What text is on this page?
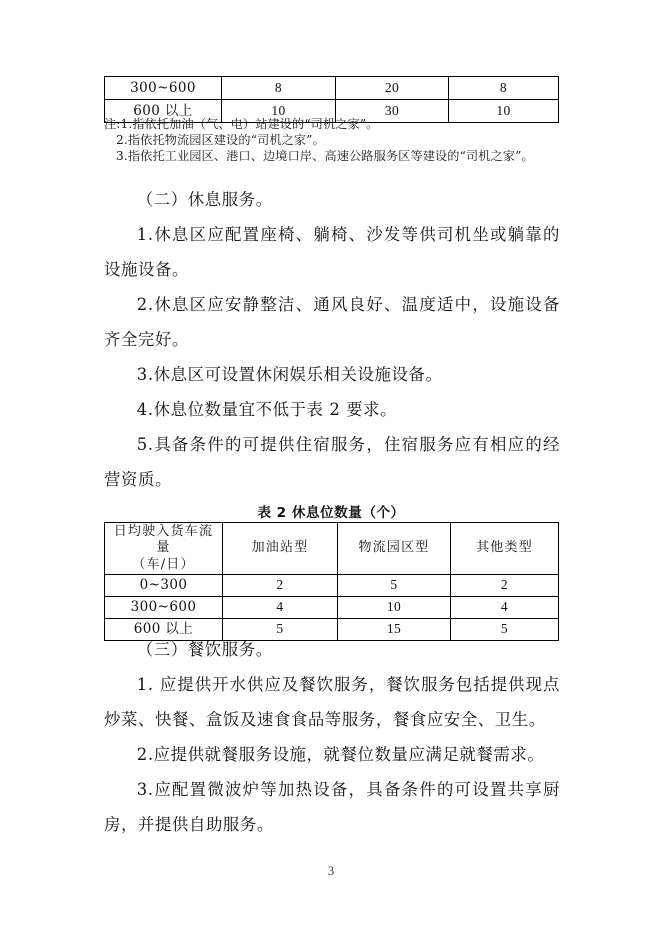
300~600	8	20	8
600 以上	10	30	10
注:1.指依托加油（气、电）站建设的“司机之家”。
2.指依托物流园区建设的“司机之家”。
3.指依托工业园区、港口、边境口岸、高速公路服务区等建设的“司机之家”。

（二）休息服务。

1.休息区应配置座椅、躺椅、沙发等供司机坐或躺靠的设施设备。

2.休息区应安静整洁、通风良好、温度适中，设施设备齐全完好。

3.休息区可设置休闲娱乐相关设施设备。

4.休息位数量宜不低于表 2 要求。

5.具备条件的可提供住宿服务，住宿服务应有相应的经营资质。

表 2 休息位数量（个）
日均驶入货车流量
（车/日）	加油站型	物流园区型	其他类型

0~300	2	5	2
300~600	4	10	4
600 以上	5	15	5

（三）餐饮服务。

1. 应提供开水供应及餐饮服务，餐饮服务包括提供现点炒菜、快餐、盒饭及速食食品等服务，餐食应安全、卫生。

2.应提供就餐服务设施，就餐位数量应满足就餐需求。

3.应配置微波炉等加热设备，具备条件的可设置共享厨房，并提供自助服务。

3
